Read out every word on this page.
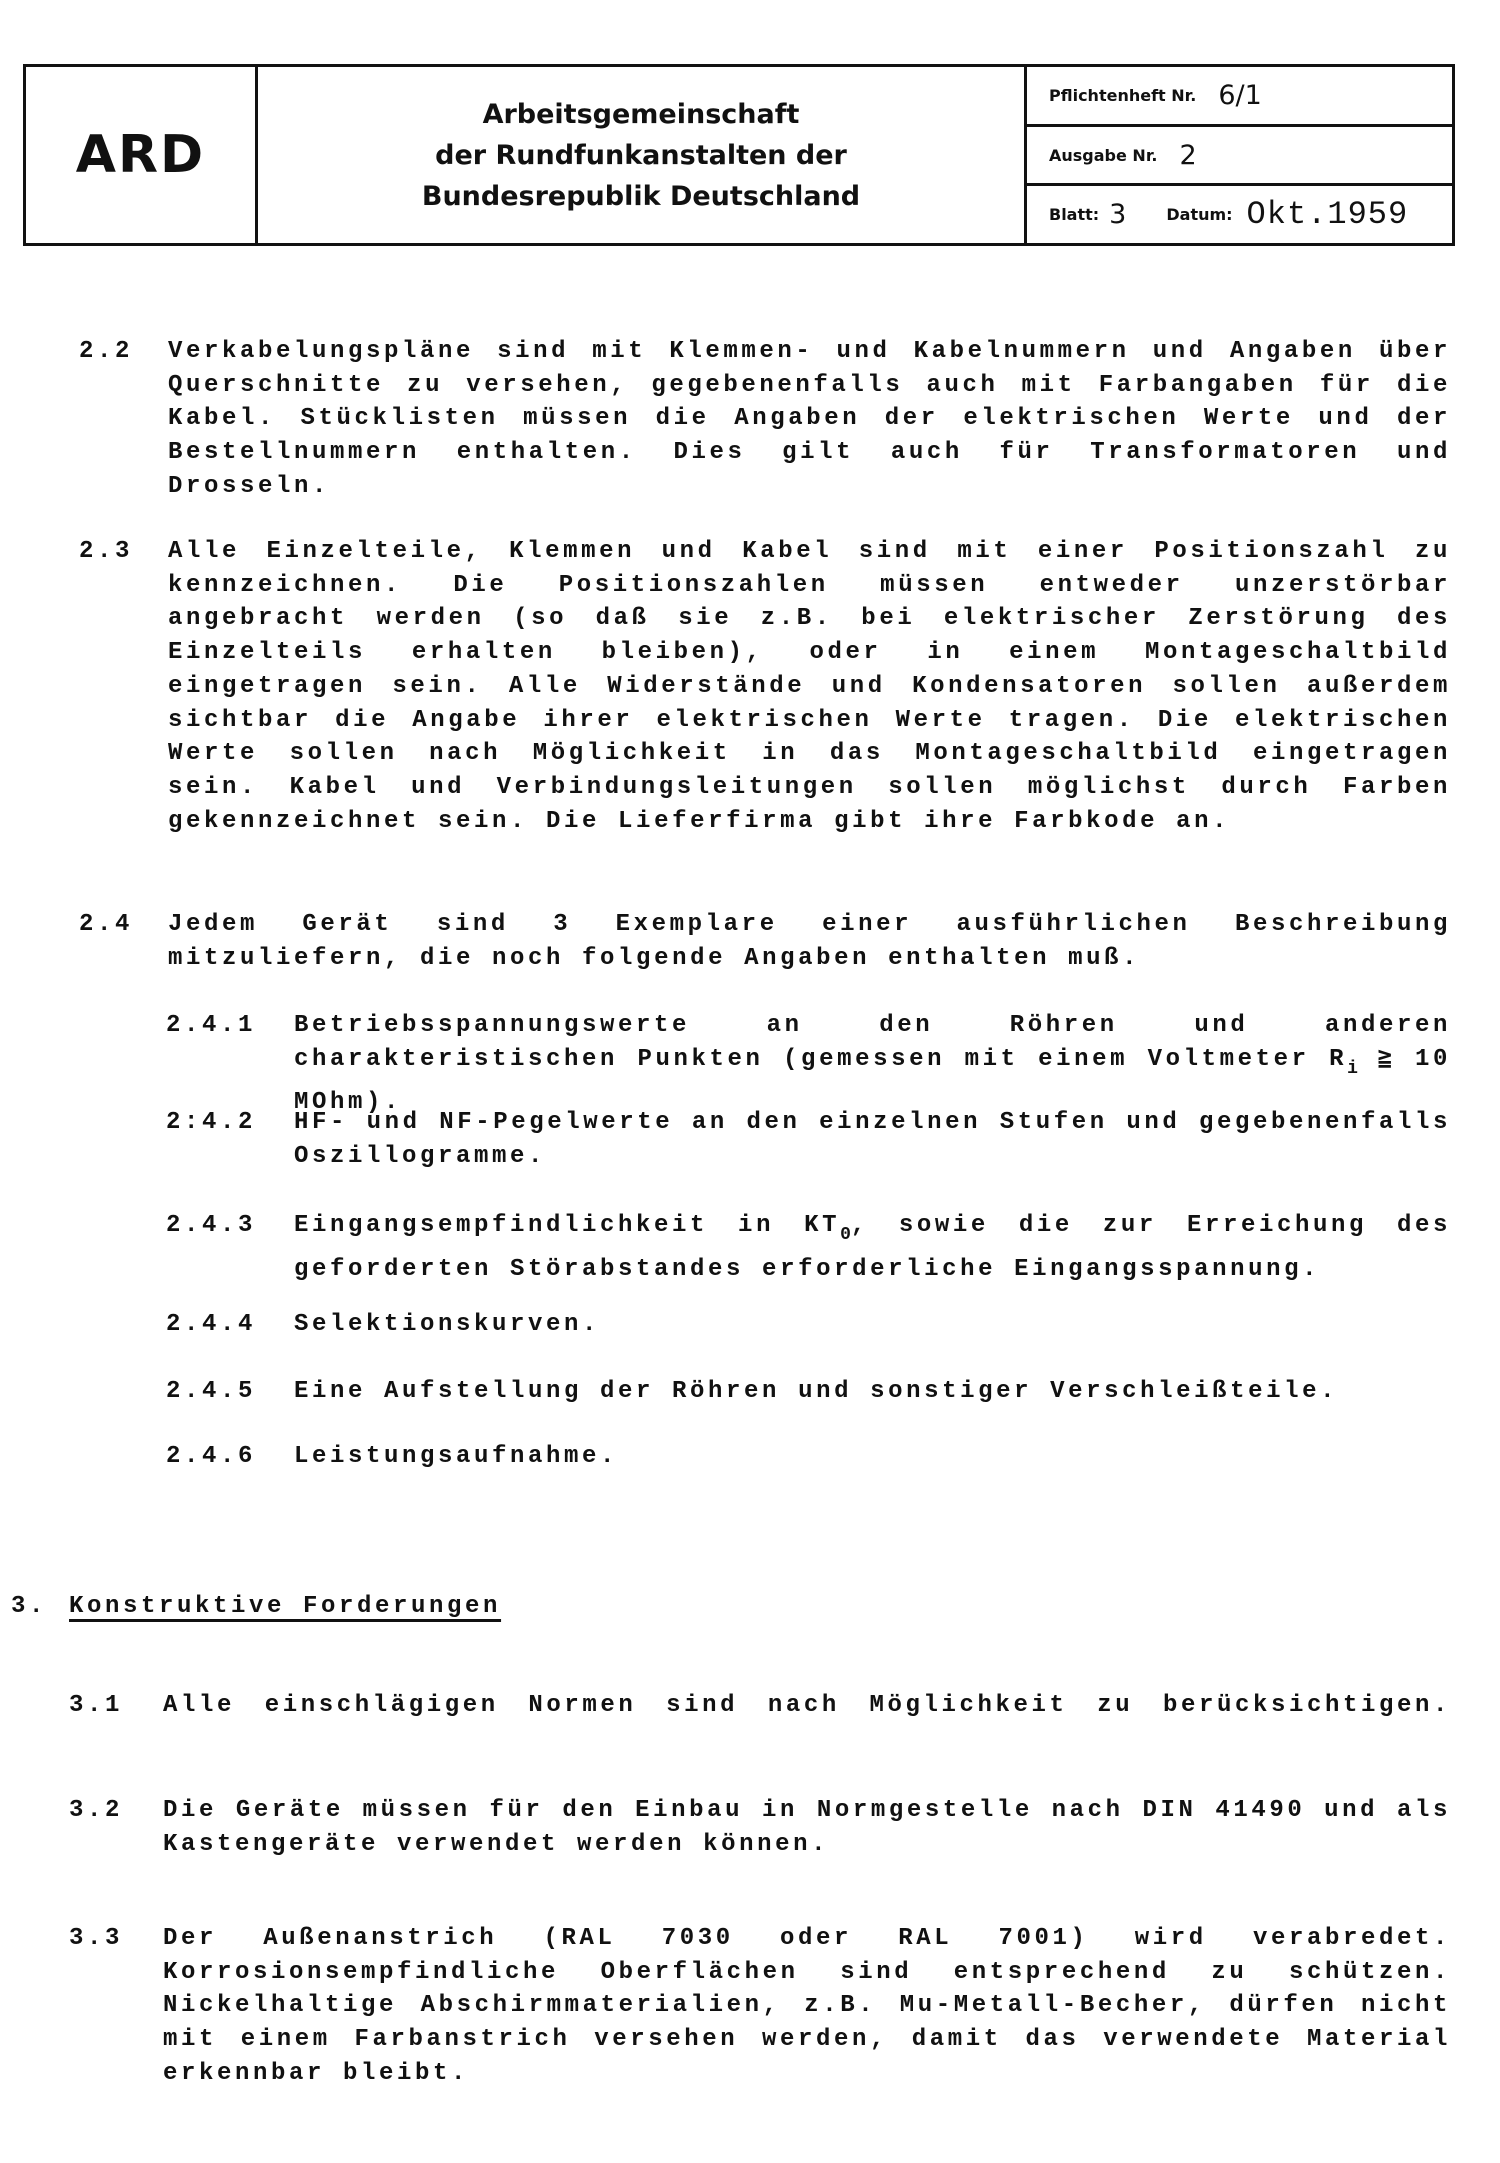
ARD
Arbeitsgemeinschaft
der Rundfunkanstalten der
Bundesrepublik Deutschland
Pflichtenheft Nr. 6/1
Ausgabe Nr. 2
Blatt: 3	Datum: Okt.1959
2.2 Verkabelungspläne sind mit Klemmen- und Kabelnummern und Angaben über Querschnitte zu versehen, gegebenenfalls auch mit Farbangaben für die Kabel. Stücklisten müssen die Angaben der elektrischen Werte und der Bestellnummern enthalten. Dies gilt auch für Transformatoren und Drosseln.
2.3 Alle Einzelteile, Klemmen und Kabel sind mit einer Positionszahl zu kennzeichnen. Die Positionszahlen müssen entweder unzerstörbar angebracht werden (so daß sie z.B. bei elektrischer Zerstörung des Einzelteils erhalten bleiben), oder in einem Montageschaltbild eingetragen sein. Alle Widerstände und Kondensatoren sollen außerdem sichtbar die Angabe ihrer elektrischen Werte tragen. Die elektrischen Werte sollen nach Möglichkeit in das Montageschaltbild eingetragen sein. Kabel und Verbindungsleitungen sollen möglichst durch Farben gekennzeichnet sein. Die Lieferfirma gibt ihre Farbkode an.
2.4 Jedem Gerät sind 3 Exemplare einer ausführlichen Beschreibung mitzuliefern, die noch folgende Angaben enthalten muß.
2.4.1 Betriebsspannungswerte an den Röhren und anderen charakteristischen Punkten (gemessen mit einem Voltmeter $R_i$ ≧ 10 MOhm).
2:4.2 HF- und NF-Pegelwerte an den einzelnen Stufen und gegebenenfalls Oszillogramme.
2.4.3 Eingangsempfindlichkeit in $KT_0$, sowie die zur Erreichung des geforderten Störabstandes erforderliche Eingangsspannung.
2.4.4 Selektionskurven.
2.4.5 Eine Aufstellung der Röhren und sonstiger Verschleißteile.
2.4.6 Leistungsaufnahme.
3. Konstruktive Forderungen
3.1 Alle einschlägigen Normen sind nach Möglichkeit zu berücksichtigen.
3.2 Die Geräte müssen für den Einbau in Normgestelle nach DIN 41490 und als Kastengeräte verwendet werden können.
3.3 Der Außenanstrich (RAL 7030 oder RAL 7001) wird verabredet. Korrosionsempfindliche Oberflächen sind entsprechend zu schützen. Nickelhaltige Abschirmmaterialien, z.B. Mu-Metall-Becher, dürfen nicht mit einem Farbanstrich versehen werden, damit das verwendete Material erkennbar bleibt.
